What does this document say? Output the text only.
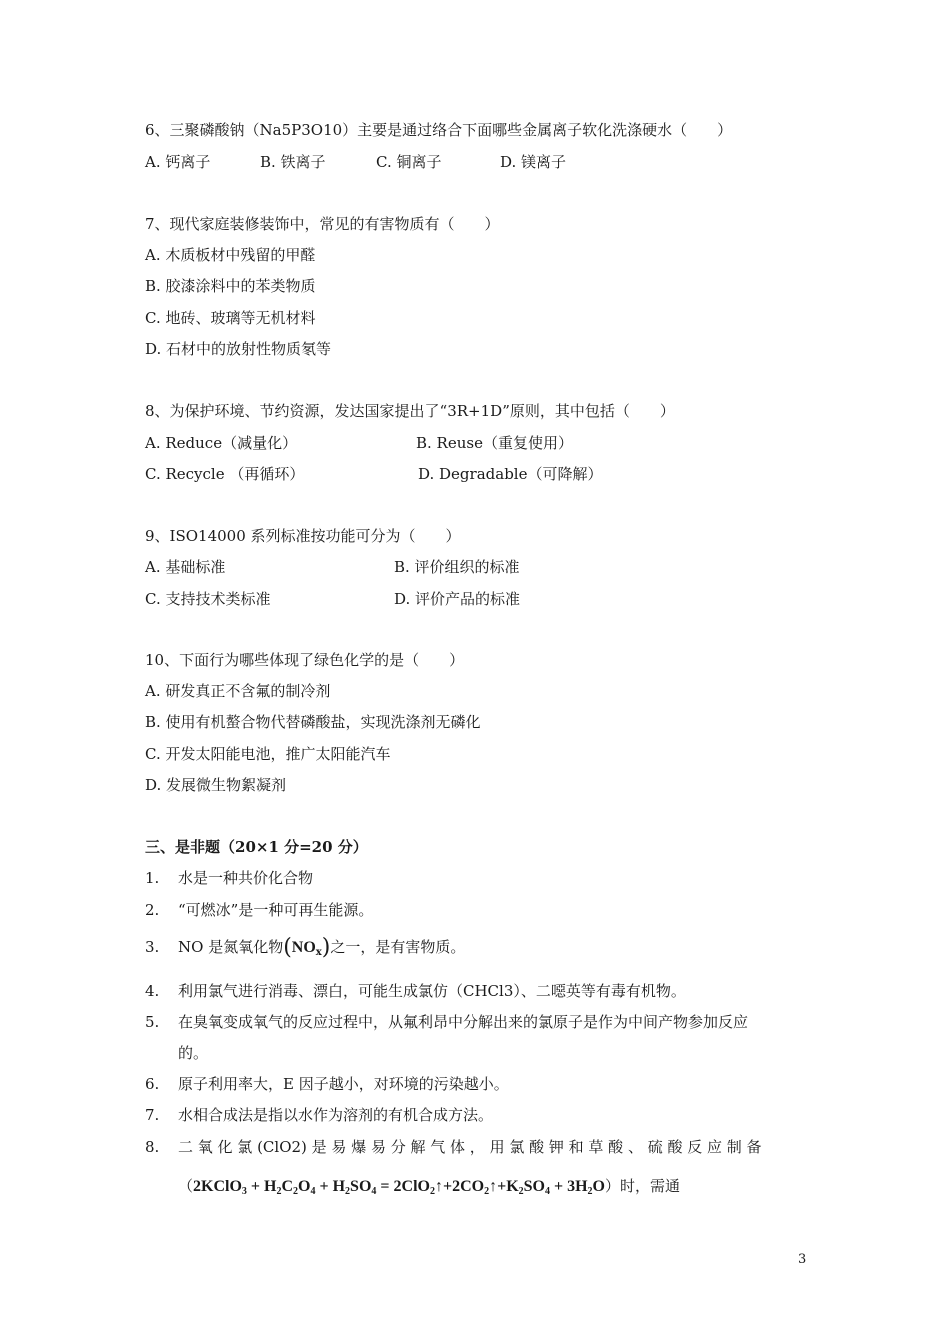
6、三聚磷酸钠（Na5P3O10）主要是通过络合下面哪些金属离子软化洗涤硬水（　　）
A. 钙离子	B. 铁离子	C. 铜离子	D. 镁离子
7、现代家庭装修装饰中，常见的有害物质有（　　）
A. 木质板材中残留的甲醛
B. 胶漆涂料中的苯类物质
C. 地砖、玻璃等无机材料
D. 石材中的放射性物质氡等
8、为保护环境、节约资源，发达国家提出了“3R+1D”原则，其中包括（　　）
A. Reduce（减量化）	B. Reuse（重复使用）
C. Recycle （再循环）	D. Degradable（可降解）
9、ISO14000 系列标准按功能可分为（　　）
A. 基础标准	B. 评价组织的标准
C. 支持技术类标准	D. 评价产品的标准
10、下面行为哪些体现了绿色化学的是（　　）
A. 研发真正不含氟的制冷剂
B. 使用有机螯合物代替磷酸盐，实现洗涤剂无磷化
C. 开发太阳能电池，推广太阳能汽车
D. 发展微生物絮凝剂
三、是非题（20×1 分=20 分）
1. 水是一种共价化合物
2. “可燃冰”是一种可再生能源。
3. NO 是氮氧化物$(NO_x)$之一，是有害物质。
4. 利用氯气进行消毒、漂白，可能生成氯仿（CHCl3）、二噁英等有毒有机物。
5. 在臭氧变成氧气的反应过程中，从氟利昂中分解出来的氯原子是作为中间产物参加反应
的。
6. 原子利用率大，E 因子越小，对环境的污染越小。
7. 水相合成法是指以水作为溶剂的有机合成方法。
8. 二 氧 化 氯 (ClO2) 是 易 爆 易 分 解 气 体 ， 用 氯 酸 钾 和 草 酸 、 硫 酸 反 应 制 备
（2KClO$_3$ + $H_2C_2O_4 + H_2SO_4$ = $2ClO_2↑+2CO_2↑+K_2SO_4 + 3H_2O$）时，需通
3
